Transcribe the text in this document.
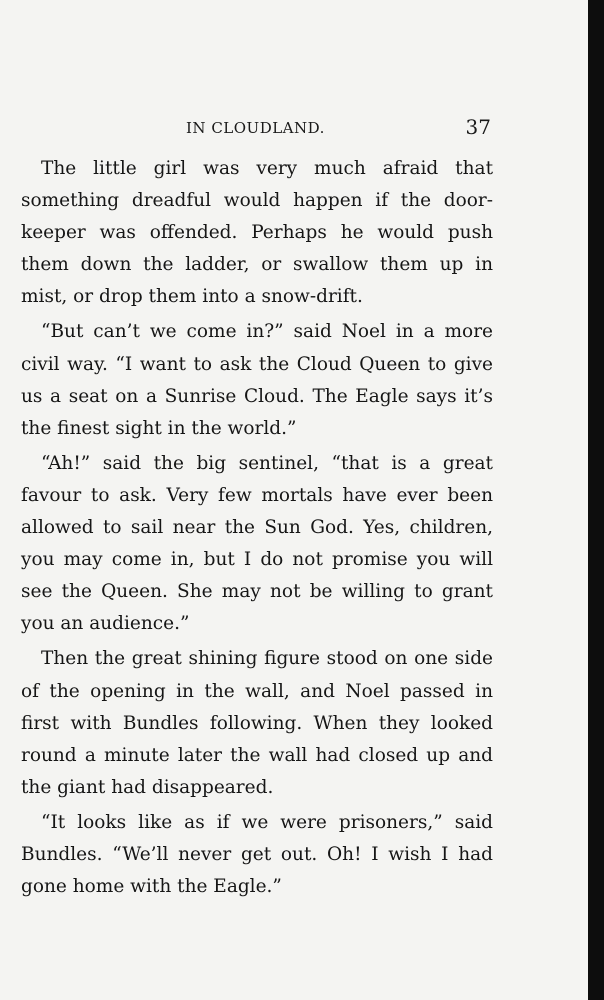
IN CLOUDLAND.	37

The little girl was very much afraid that something dreadful would happen if the door-keeper was offended. Perhaps he would push them down the ladder, or swallow them up in mist, or drop them into a snow-drift.

“But can’t we come in?” said Noel in a more civil way. “I want to ask the Cloud Queen to give us a seat on a Sunrise Cloud. The Eagle says it’s the finest sight in the world.”

“Ah!” said the big sentinel, “that is a great favour to ask. Very few mortals have ever been allowed to sail near the Sun God. Yes, children, you may come in, but I do not promise you will see the Queen. She may not be willing to grant you an audience.”

Then the great shining figure stood on one side of the opening in the wall, and Noel passed in first with Bundles following. When they looked round a minute later the wall had closed up and the giant had disappeared.

“It looks like as if we were prisoners,” said Bundles. “We’ll never get out. Oh! I wish I had gone home with the Eagle.”
